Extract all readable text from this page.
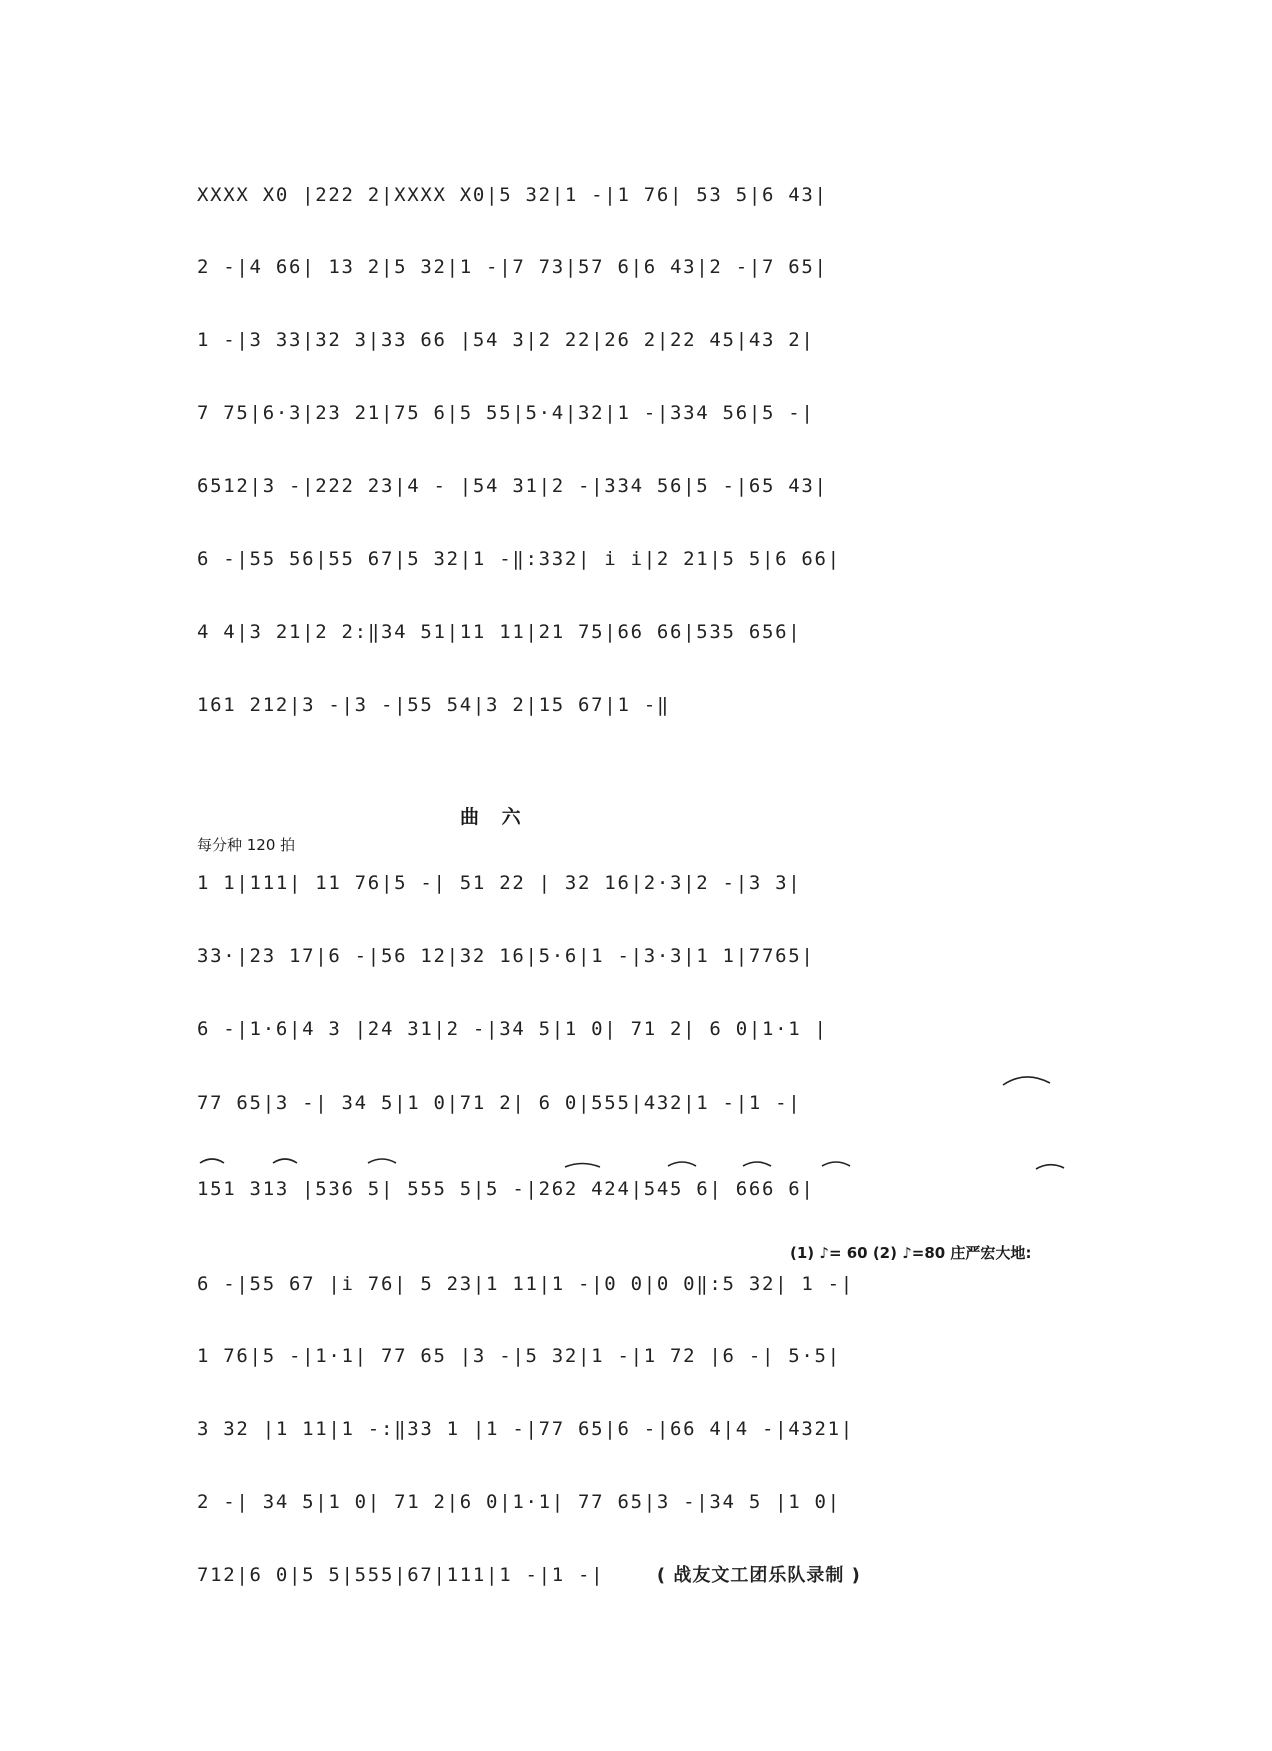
XXXX X0 |222 2|XXXX X0|5 32|1 -|1 76| 53 5|6 43|
2 -|4 66| 13 2|5 32|1 -|7 73|57 6|6 43|2 -|7 65|
1 -|3 33|32 3|33 66 |54 3|2 22|26 2|22 45|43 2|
7 75|6·3|23 21|75 6|5 55|5·4|32|1 -|334 56|5 -|
6512|3 -|222 23|4 - |54 31|2 -|334 56|5 -|65 43|
6 -|55 56|55 67|5 32|1 -‖:332| i i|2 21|5 5|6 66|
4 4|3 21|2 2:‖34 51|11 11|21 75|66 66|535 656|
161 212|3 -|3 -|55 54|3 2|15 67|1 -‖
曲 六
每分种 120 拍
1 1|111| 11 76|5 -| 51 22 | 32 16|2·3|2 -|3 3|
33·|23 17|6 -|56 12|32 16|5·6|1 -|3·3|1 1|7765|
6 -|1·6|4 3 |24 31|2 -|34 5|1 0| 71 2| 6 0|1·1 |
77 65|3 -| 34 5|1 0|71 2| 6 0|555|432|1 -|1 -|
151 313 |536 5| 555 5|5 -|262 424|545 6| 666 6|
(1) ♪= 60 (2) ♪=80 庄严宏大地:
6 -|55 67 |i 76| 5 23|1 11|1 -|0 0|0 0‖:5 32| 1 -|
1 76|5 -|1·1| 77 65 |3 -|5 32|1 -|1 72 |6 -| 5·5|
3 32 |1 11|1 -:‖33 1 |1 -|77 65|6 -|66 4|4 -|4321|
2 -| 34 5|1 0| 71 2|6 0|1·1| 77 65|3 -|34 5 |1 0|
712|6 0|5 5|555|67|111|1 -|1 -|	( 战友文工团乐队录制 )
